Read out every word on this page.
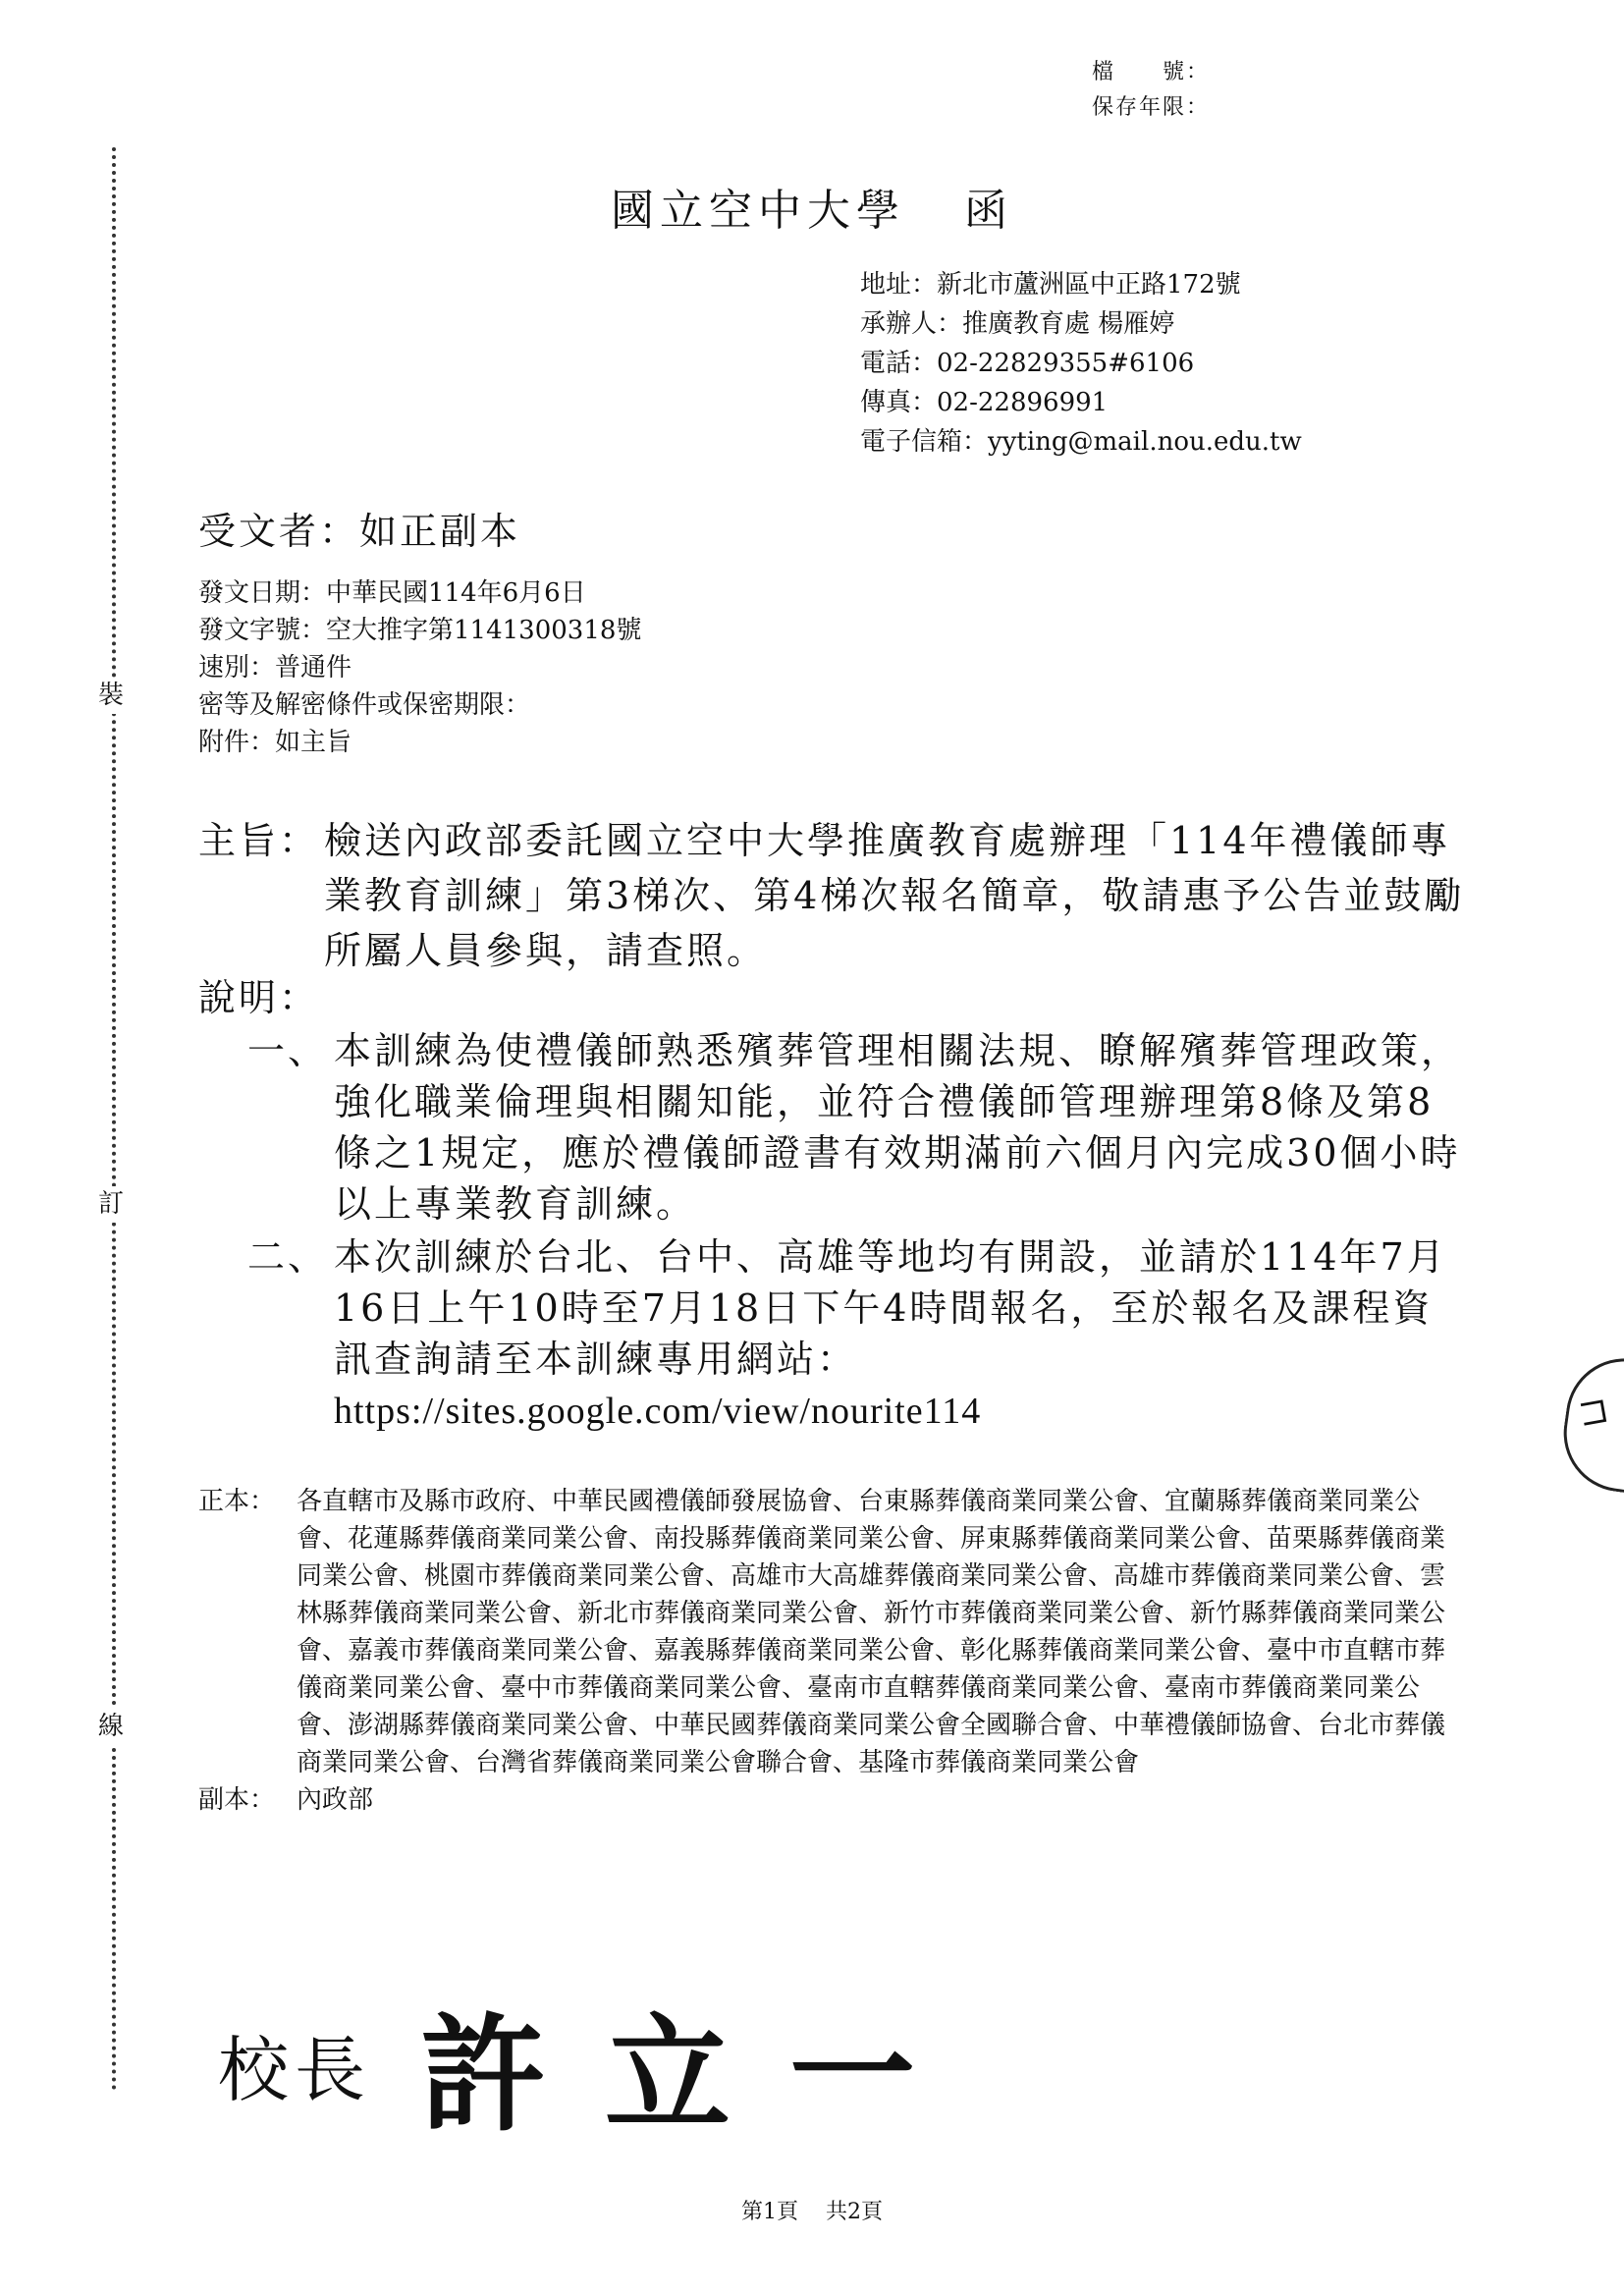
裝
訂
線
檔　　號：
保存年限：
國立空中大學 函
地址：新北市蘆洲區中正路172號
承辦人：推廣教育處 楊雁婷
電話：02-22829355#6106
傳真：02-22896991
電子信箱：yyting@mail.nou.edu.tw
受文者：如正副本
發文日期：中華民國114年6月6日
發文字號：空大推字第1141300318號
速別：普通件
密等及解密條件或保密期限：
附件：如主旨
主旨： 檢送內政部委託國立空中大學推廣教育處辦理「114年禮儀師專業教育訓練」第3梯次、第4梯次報名簡章，敬請惠予公告並鼓勵所屬人員參與，請查照。
說明：
一、 本訓練為使禮儀師熟悉殯葬管理相關法規、瞭解殯葬管理政策，強化職業倫理與相關知能，並符合禮儀師管理辦理第8條及第8條之1規定，應於禮儀師證書有效期滿前六個月內完成30個小時以上專業教育訓練。
二、 本次訓練於台北、台中、高雄等地均有開設，並請於114年7月16日上午10時至7月18日下午4時間報名，至於報名及課程資訊查詢請至本訓練專用網站：https://sites.google.com/view/nourite114
正本： 各直轄市及縣市政府、中華民國禮儀師發展協會、台東縣葬儀商業同業公會、宜蘭縣葬儀商業同業公會、花蓮縣葬儀商業同業公會、南投縣葬儀商業同業公會、屏東縣葬儀商業同業公會、苗栗縣葬儀商業同業公會、桃園市葬儀商業同業公會、高雄市大高雄葬儀商業同業公會、高雄市葬儀商業同業公會、雲林縣葬儀商業同業公會、新北市葬儀商業同業公會、新竹市葬儀商業同業公會、新竹縣葬儀商業同業公會、嘉義市葬儀商業同業公會、嘉義縣葬儀商業同業公會、彰化縣葬儀商業同業公會、臺中市直轄市葬儀商業同業公會、臺中市葬儀商業同業公會、臺南市直轄葬儀商業同業公會、臺南市葬儀商業同業公會、澎湖縣葬儀商業同業公會、中華民國葬儀商業同業公會全國聯合會、中華禮儀師協會、台北市葬儀商業同業公會、台灣省葬儀商業同業公會聯合會、基隆市葬儀商業同業公會
副本： 內政部
校長 許立一
第1頁 共2頁
⊓
